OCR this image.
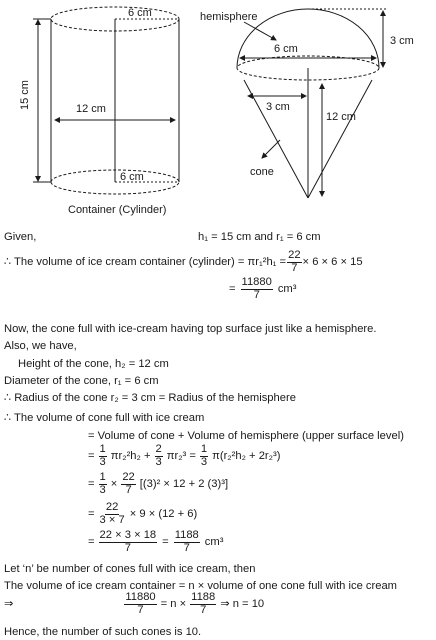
6 cm
15 cm	12 cm
6 cm
Container (Cylinder)
hemisphere
6 cm
3 cm
3 cm
12 cm
cone
Given,	h₁ = 15 cm and r₁ = 6 cm
∴ The volume of ice cream container (cylinder) = $\pi r_1^2h_1 = \frac{22}{7} \times 6 \times 6 \times 15$
= $\frac{11880}{7} cm^3$
Now, the cone full with ice-cream having top surface just like a hemisphere.
Also, we have,
Height of the cone, h₂ = 12 cm
Diameter of the cone, r₁ = 6 cm
∴ Radius of the cone r₂ = 3 cm = Radius of the hemisphere
∴ The volume of cone full with ice cream
= Volume of cone + Volume of hemisphere (upper surface level)
= $\frac{1}{3} \pi r_2^2h_2 + \frac{2}{3} \pi r_2^3 = \frac{1}{3} \pi(r_2^2h_2 + 2r_2^3)$
= $\frac{1}{3} \times \frac{22}{7} [(3)^2 \times 12 + 2$ (3)³]
= $\frac{22}{3 \times 7} \times 9 \times (12 + 6)$
= $\frac{22 \times 3 \times 18}{7} = \frac{1188}{7} cm^3$
Let ‘n’ be number of cones full with ice cream, then
The volume of ice cream container = n × volume of one cone full with ice cream
⇒	$\frac{11880}{7} = n \times \frac{1188}{7}$ ⇒ n = 10
Hence, the number of such cones is 10.
